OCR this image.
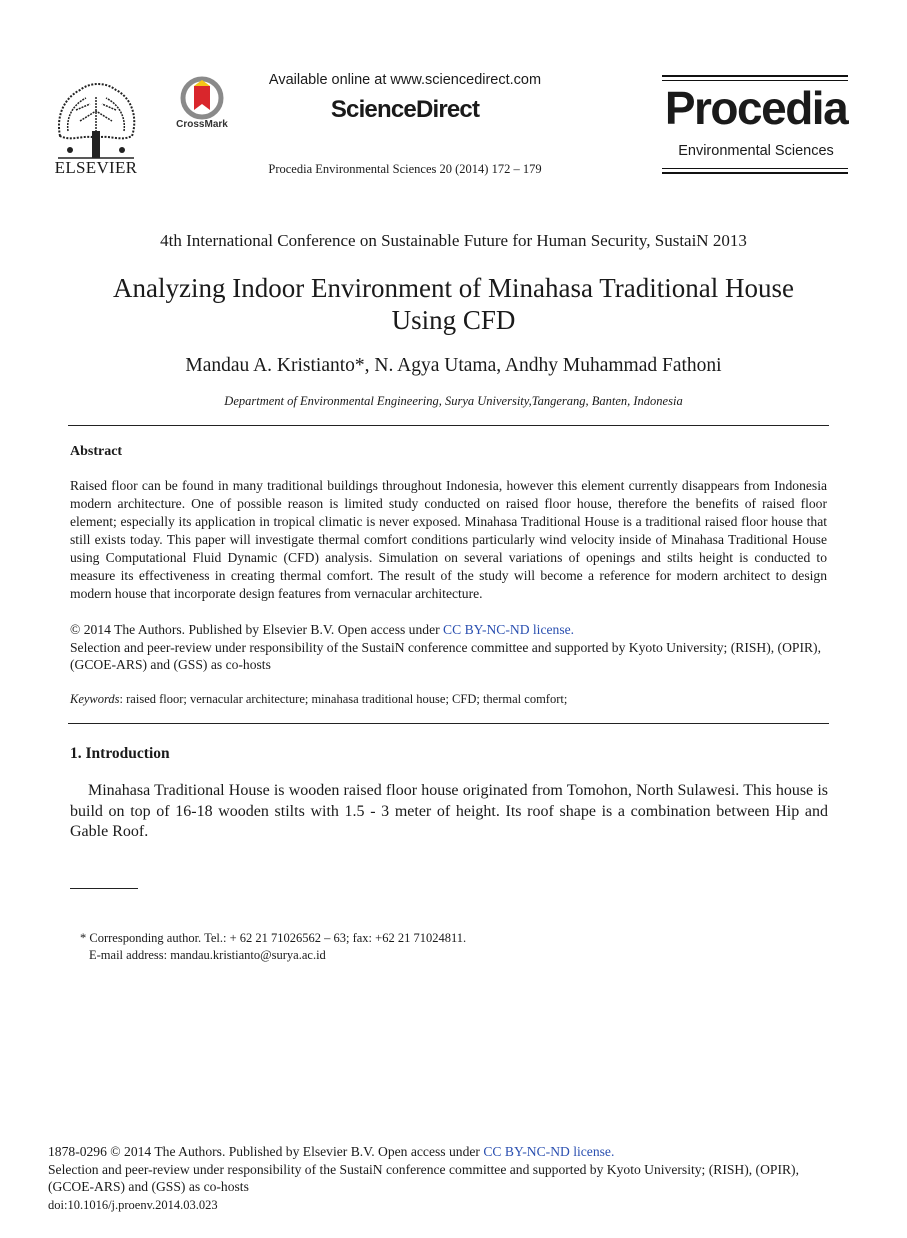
ELSEVIER
CrossMark
Available online at www.sciencedirect.com
ScienceDirect
Procedia Environmental Sciences 20 (2014) 172 – 179
Procedia
Environmental Sciences
4th International Conference on Sustainable Future for Human Security, SustaiN 2013
Analyzing Indoor Environment of Minahasa Traditional House
Using CFD
Mandau A. Kristianto*, N. Agya Utama, Andhy Muhammad Fathoni
Department of Environmental Engineering, Surya University,Tangerang, Banten, Indonesia
Abstract
Raised floor can be found in many traditional buildings throughout Indonesia, however this element currently disappears from Indonesia modern architecture. One of possible reason is limited study conducted on raised floor house, therefore the benefits of raised floor element; especially its application in tropical climatic is never exposed. Minahasa Traditional House is a traditional raised floor house that still exists today. This paper will investigate thermal comfort conditions particularly wind velocity inside of Minahasa Traditional House using Computational Fluid Dynamic (CFD) analysis. Simulation on several variations of openings and stilts height is conducted to measure its effectiveness in creating thermal comfort. The result of the study will become a reference for modern architect to design modern house that incorporate design features from vernacular architecture.
© 2014 The Authors. Published by Elsevier B.V. Open access under CC BY-NC-ND license.
Selection and peer-review under responsibility of the SustaiN conference committee and supported by Kyoto University; (RISH), (OPIR), (GCOE-ARS) and (GSS) as co-hosts
Keywords: raised floor; vernacular architecture; minahasa traditional house; CFD; thermal comfort;
1. Introduction
Minahasa Traditional House is wooden raised floor house originated from Tomohon, North Sulawesi. This house is build on top of 16-18 wooden stilts with 1.5 - 3 meter of height. Its roof shape is a combination between Hip and Gable Roof.
* Corresponding author. Tel.: + 62 21 71026562 – 63; fax: +62 21 71024811.
E-mail address: mandau.kristianto@surya.ac.id
1878-0296 © 2014 The Authors. Published by Elsevier B.V. Open access under CC BY-NC-ND license.
Selection and peer-review under responsibility of the SustaiN conference committee and supported by Kyoto University; (RISH), (OPIR), (GCOE-ARS) and (GSS) as co-hosts
doi:10.1016/j.proenv.2014.03.023
